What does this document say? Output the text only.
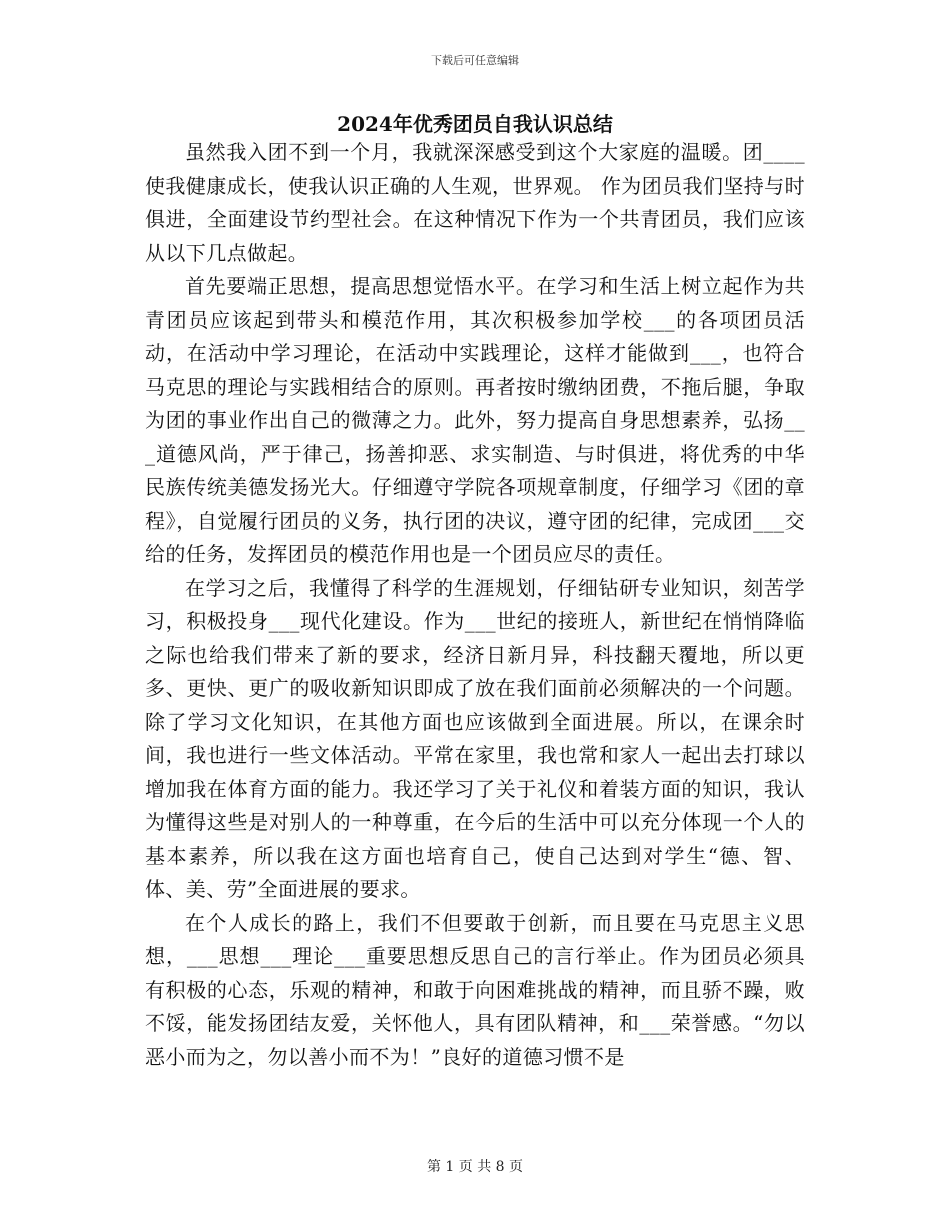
下载后可任意编辑
2024年优秀团员自我认识总结

虽然我入团不到一个月，我就深深感受到这个大家庭的温暖。团____使我健康成长，使我认识正确的人生观，世界观。 作为团员我们坚持与时俱进，全面建设节约型社会。在这种情况下作为一个共青团员，我们应该从以下几点做起。

首先要端正思想，提高思想觉悟水平。在学习和生活上树立起作为共青团员应该起到带头和模范作用，其次积极参加学校___的各项团员活动，在活动中学习理论，在活动中实践理论，这样才能做到___，也符合马克思的理论与实践相结合的原则。再者按时缴纳团费，不拖后腿，争取为团的事业作出自己的微薄之力。此外，努力提高自身思想素养，弘扬___道德风尚，严于律己，扬善抑恶、求实制造、与时俱进，将优秀的中华民族传统美德发扬光大。仔细遵守学院各项规章制度，仔细学习《团的章程》，自觉履行团员的义务，执行团的决议，遵守团的纪律，完成团___交给的任务，发挥团员的模范作用也是一个团员应尽的责任。

在学习之后，我懂得了科学的生涯规划，仔细钻研专业知识，刻苦学习，积极投身___现代化建设。作为___世纪的接班人，新世纪在悄悄降临之际也给我们带来了新的要求，经济日新月异，科技翻天覆地，所以更多、更快、更广的吸收新知识即成了放在我们面前必须解决的一个问题。除了学习文化知识，在其他方面也应该做到全面进展。所以，在课余时间，我也进行一些文体活动。平常在家里，我也常和家人一起出去打球以增加我在体育方面的能力。我还学习了关于礼仪和着装方面的知识，我认为懂得这些是对别人的一种尊重，在今后的生活中可以充分体现一个人的基本素养，所以我在这方面也培育自己，使自己达到对学生“德、智、体、美、劳”全面进展的要求。

在个人成长的路上，我们不但要敢于创新，而且要在马克思主义思想，___思想___理论___重要思想反思自己的言行举止。作为团员必须具有积极的心态，乐观的精神，和敢于向困难挑战的精神，而且骄不躁，败不馁，能发扬团结友爱，关怀他人，具有团队精神，和___荣誉感。“勿以恶小而为之，勿以善小而不为！”良好的道德习惯不是

第 1 页 共 8 页
